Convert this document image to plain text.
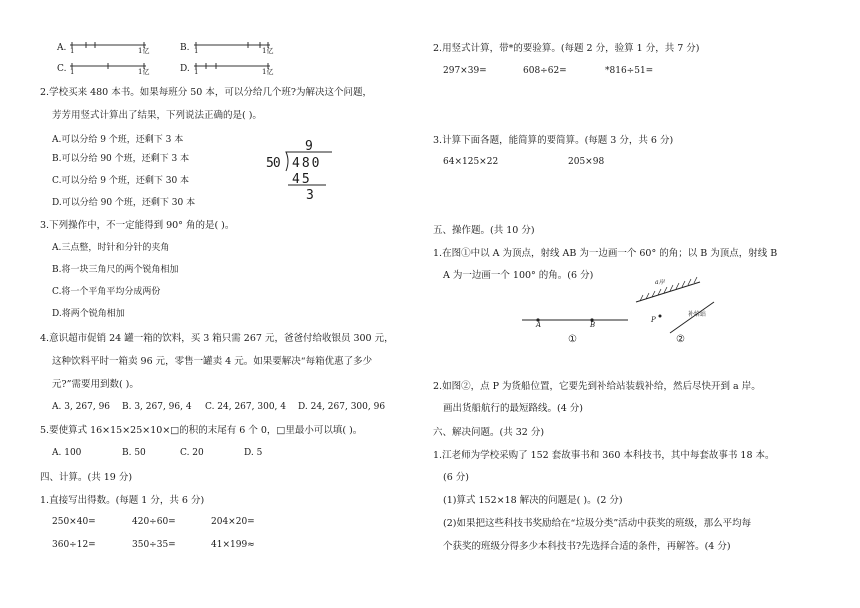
A. 1	1亿	B. 1	1亿
C. 1	1亿	D. 1	1亿
2.学校买来 480 本书。如果每班分 50 本，可以分给几个班?为解决这个问题，
芳芳用竖式计算出了结果，下列说法正确的是( )。
A.可以分给 9 个班，还剩下 3 本
B.可以分给 90 个班，还剩下 3 本
C.可以分给 9 个班，还剩下 30 本
D.可以分给 90 个班，还剩下 30 本
9
50 480
45
3
3.下列操作中，不一定能得到 90° 角的是( )。
A.三点整，时针和分针的夹角
B.将一块三角尺的两个锐角相加
C.将一个平角平均分成两份
D.将两个锐角相加
4.意识超市促销 24 罐一箱的饮料，买 3 箱只需 267 元，爸爸付给收银员 300 元，
这种饮料平时一箱卖 96 元，零售一罐卖 4 元。如果要解决“每箱优惠了多少
元?”需要用到数( )。
A. 3, 267, 96 B. 3, 267, 96, 4 C. 24, 267, 300, 4 D. 24, 267, 300, 96
5.要使算式 16×15×25×10×□的积的末尾有 6 个 0，□里最小可以填( )。
A. 100	B. 50	C. 20	D. 5
四、计算。(共 19 分)
1.直接写出得数。(每题 1 分，共 6 分)
250×40=	420÷60=	204×20=
360÷12=	350÷35=	41×199≈
2.用竖式计算，带*的要验算。(每题 2 分，验算 1 分，共 7 分)
297×39=	608÷62=	*816÷51=
3.计算下面各题，能简算的要简算。(每题 3 分，共 6 分)
64×125×22	205×98
五、操作题。(共 10 分)
1.在图①中以 A 为顶点，射线 AB 为一边画一个 60° 的角；以 B 为顶点，射线 B
A 为一边画一个 100° 的角。(6 分)
A	B
①
a岸
P
补给站
②
2.如图②，点 P 为货船位置，它要先到补给站装载补给，然后尽快开到 a 岸。
画出货船航行的最短路线。(4 分)
六、解决问题。(共 32 分)
1.江老师为学校采购了 152 套故事书和 360 本科技书，其中每套故事书 18 本。
(6 分)
(1)算式 152×18 解决的问题是( )。(2 分)
(2)如果把这些科技书奖励给在“垃圾分类”活动中获奖的班级，那么平均每
个获奖的班级分得多少本科技书?先选择合适的条件，再解答。(4 分)
